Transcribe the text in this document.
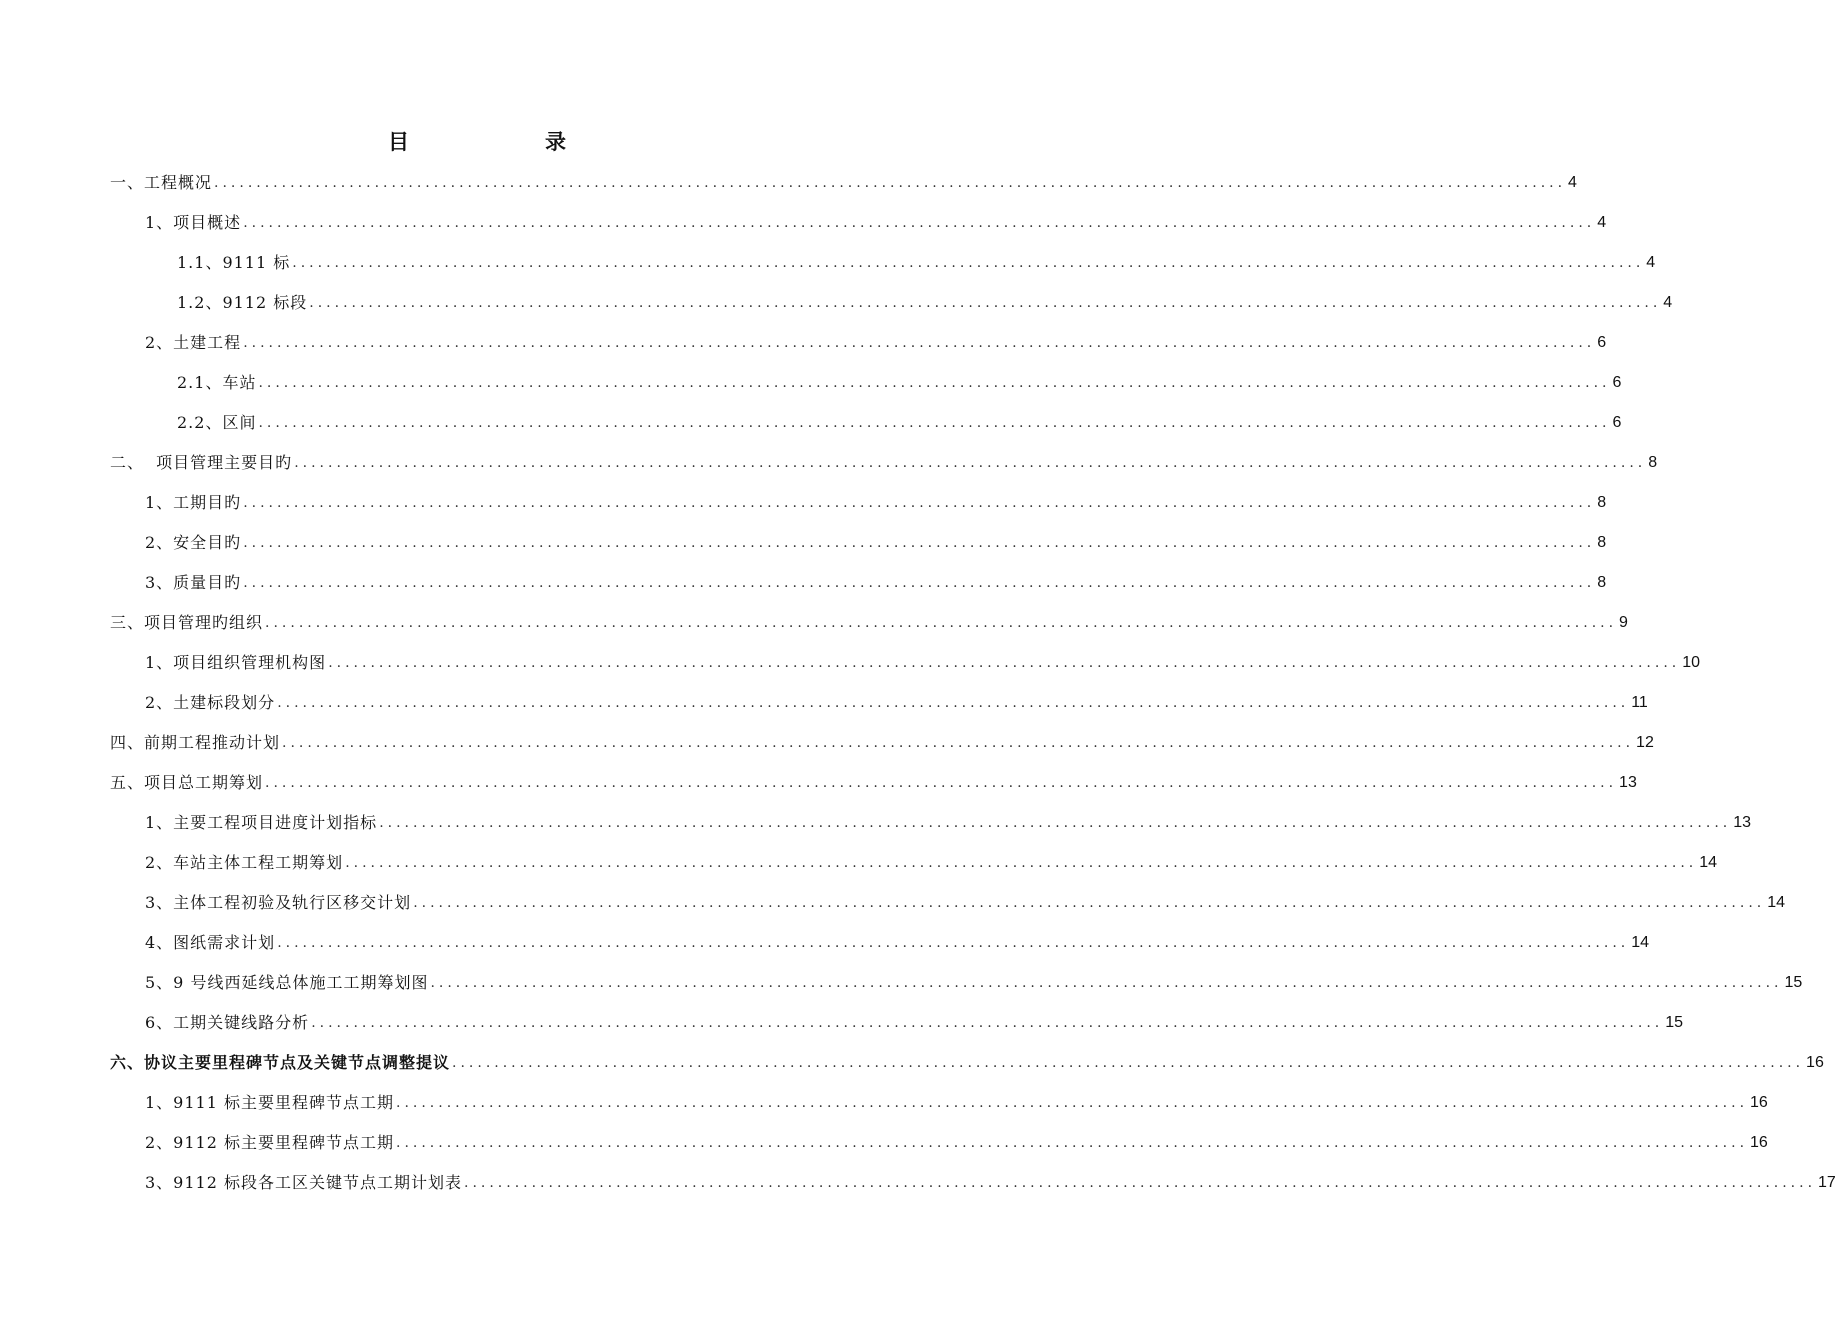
目	录
一、工程概况 ................................................................................................................................................................ 4
1、项目概述 ................................................................................................................................................................ 4
1.1、9111 标 ................................................................................................................................................................ 4
1.2、9112 标段 ................................................................................................................................................................ 4
2、土建工程 ................................................................................................................................................................ 6
2.1、车站 ................................................................................................................................................................ 6
2.2、区间 ................................................................................................................................................................ 6
二、  项目管理主要目旳 ................................................................................................................................................................ 8
1、工期目旳 ................................................................................................................................................................ 8
2、安全目旳 ................................................................................................................................................................ 8
3、质量目旳 ................................................................................................................................................................ 8
三、项目管理旳组织 ................................................................................................................................................................ 9
1、项目组织管理机构图 ................................................................................................................................................................ 10
2、土建标段划分 ................................................................................................................................................................ 11
四、前期工程推动计划 ................................................................................................................................................................ 12
五、项目总工期筹划 ................................................................................................................................................................ 13
1、主要工程项目进度计划指标 ................................................................................................................................................................ 13
2、车站主体工程工期筹划 ................................................................................................................................................................ 14
3、主体工程初验及轨行区移交计划 ................................................................................................................................................................ 14
4、图纸需求计划 ................................................................................................................................................................ 14
5、9 号线西延线总体施工工期筹划图 ................................................................................................................................................................ 15
6、工期关键线路分析 ................................................................................................................................................................ 15
六、协议主要里程碑节点及关键节点调整提议 ................................................................................................................................................................ 16
1、9111 标主要里程碑节点工期 ................................................................................................................................................................ 16
2、9112 标主要里程碑节点工期 ................................................................................................................................................................ 16
3、9112 标段各工区关键节点工期计划表 ................................................................................................................................................................ 17
